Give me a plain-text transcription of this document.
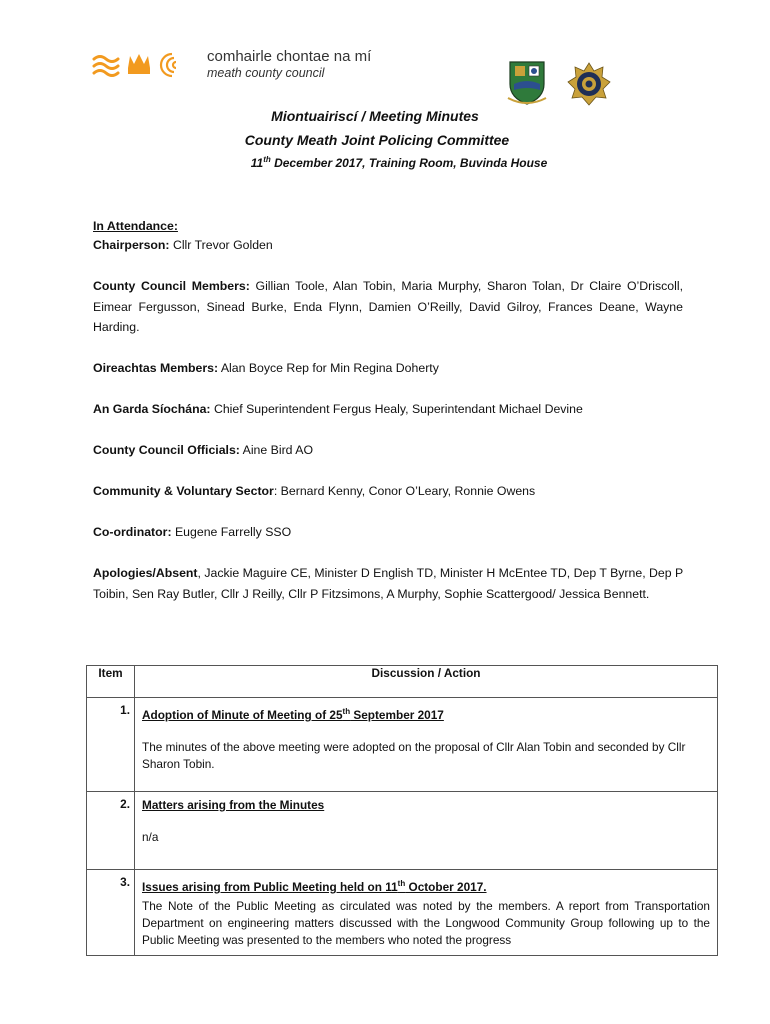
comhairle chontae na mí
meath county council
Miontuairiscí / Meeting Minutes
County Meath Joint Policing Committee
11th December 2017, Training Room, Buvinda House
In Attendance:
Chairperson: Cllr Trevor Golden
County Council Members: Gillian Toole, Alan Tobin, Maria Murphy, Sharon Tolan, Dr Claire O’Driscoll, Eimear Fergusson, Sinead Burke, Enda Flynn, Damien O’Reilly, David Gilroy, Frances Deane, Wayne Harding.
Oireachtas Members: Alan Boyce Rep for Min Regina Doherty
An Garda Síochána: Chief Superintendent Fergus Healy, Superintendant Michael Devine
County Council Officials: Aine Bird AO
Community & Voluntary Sector: Bernard Kenny, Conor O’Leary, Ronnie Owens
Co-ordinator: Eugene Farrelly SSO
Apologies/Absent, Jackie Maguire CE, Minister D English TD, Minister H McEntee TD, Dep T Byrne, Dep P Toibin, Sen Ray Butler, Cllr J Reilly, Cllr P Fitzsimons, A Murphy, Sophie Scattergood/ Jessica Bennett.
Item	Discussion / Action
1.	Adoption of Minute of Meeting of 25th September 2017
The minutes of the above meeting were adopted on the proposal of Cllr Alan Tobin and seconded by Cllr Sharon Tobin.

2.	Matters arising from the Minutes
n/a

3.	Issues arising from Public Meeting held on 11th October 2017.
The Note of the Public Meeting as circulated was noted by the members. A report from Transportation Department on engineering matters discussed with the Longwood Community Group following up to the Public Meeting was presented to the members who noted the progress
